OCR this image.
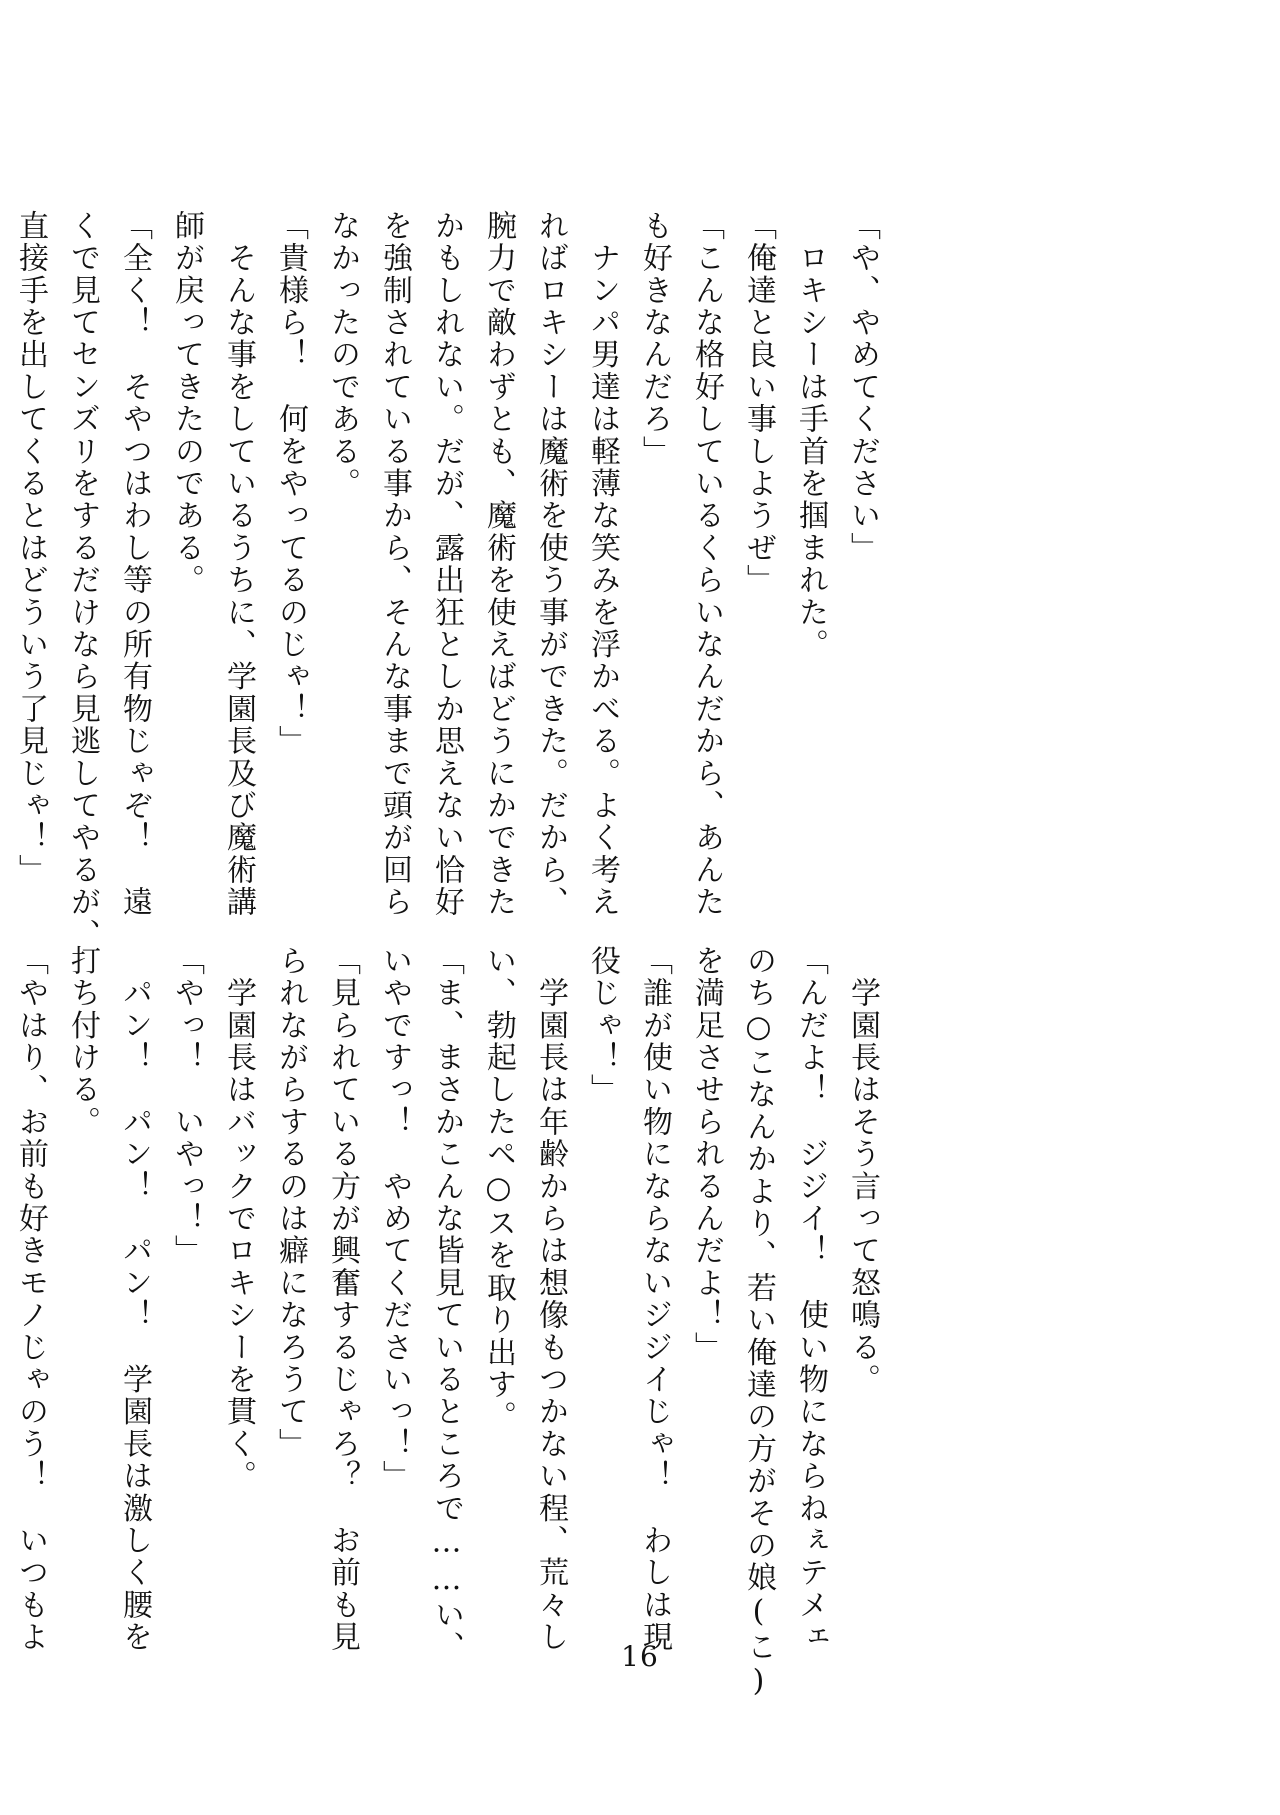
「や、やめてください」
　ロキシーは手首を掴まれた。
「俺達と良い事しようぜ」
「こんな格好しているくらいなんだから、あんた
も好きなんだろ」
　ナンパ男達は軽薄な笑みを浮かべる。よく考え
ればロキシーは魔術を使う事ができた。だから、
腕力で敵わずとも、魔術を使えばどうにかできた
かもしれない。だが、露出狂としか思えない恰好
を強制されている事から、そんな事まで頭が回ら
なかったのである。
「貴様ら！　何をやってるのじゃ！」
　そんな事をしているうちに、学園長及び魔術講
師が戻ってきたのである。
「全く！　そやつはわし等の所有物じゃぞ！　遠
くで見てセンズリをするだけなら見逃してやるが、
直接手を出してくるとはどういう了見じゃ！」
　学園長はそう言って怒鳴る。
「んだよ！　ジジイ！　使い物にならねぇテメェ
のち○こなんかより、若い俺達の方がその娘(こ)
を満足させられるんだよ！」
「誰が使い物にならないジジイじゃ！　わしは現
役じゃ！」
　学園長は年齢からは想像もつかない程、荒々し
い、勃起したペ○スを取り出す。
「ま、まさかこんな皆見ているところで……い、
いやですっ！　やめてくださいっ！」
「見られている方が興奮するじゃろ？　お前も見
られながらするのは癖になろうて」
　学園長はバックでロキシーを貫く。
「やっ！　いやっ！」
　パン！　パン！　パン！　学園長は激しく腰を
打ち付ける。
「やはり、お前も好きモノじゃのう！　いつもよ
16
